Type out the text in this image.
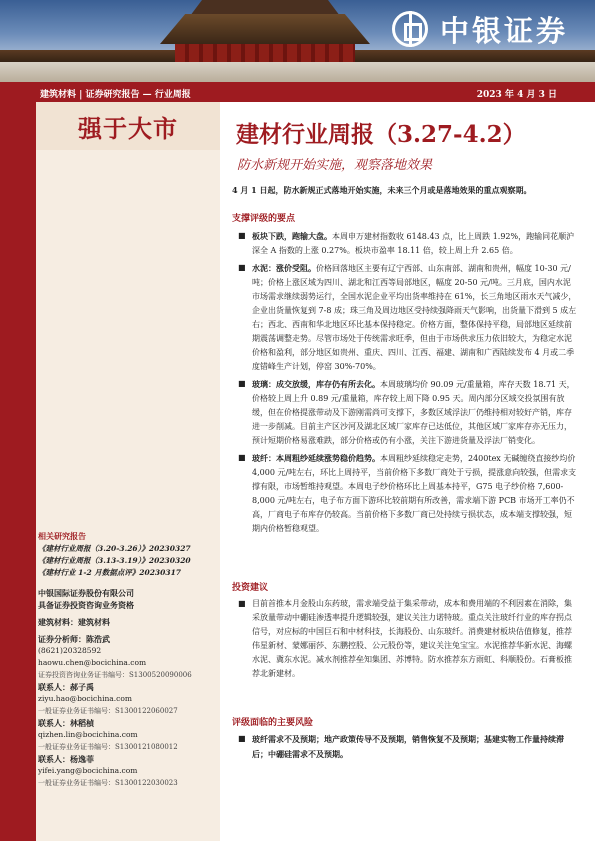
中银证券
建筑材料 | 证券研究报告 — 行业周报	2023 年 4 月 3 日
强于大市	建材行业周报（3.27-4.2）
防水新规开始实施，观察落地效果
4 月 1 日起，防水新规正式落地开始实施，未来三个月或是落地效果的重点观察期。
支撑评级的要点

■ 板块下跌，跑输大盘。本周申万建材指数收 6148.43 点，比上周跌 1.92%，跑输同花顺沪深全 A 指数的上涨 0.27%。板块市盈率 18.11 倍，较上周上升 2.65 倍。

■ 水泥：涨价受阻。价格回落地区主要有辽宁西部、山东南部、湖南和贵州，幅度 10-30 元/吨；价格上涨区域为四川、湖北和江西等局部地区，幅度 20-50 元/吨。三月底，国内水泥市场需求继续弱势运行，全国水泥企业平均出货率维持在 61%，长三角地区雨水天气减少，企业出货量恢复到 7-8 成；珠三角及周边地区受持续强降雨天气影响，出货量下滑到 5 成左右；西北、西南和华北地区环比基本保持稳定。价格方面，整体保持平稳，局部地区延续前期震荡调整走势。尽管市场处于传统需求旺季，但由于市场供求压力依旧较大，为稳定水泥价格和盈利，部分地区如贵州、重庆、四川、江西、福建、湖南和广西陆续发布 4 月或二季度错峰生产计划，停窑 30%-70%。

■ 玻璃：成交放缓，库存仍有所去化。本周玻璃均价 90.09 元/重量箱，库存天数 18.71 天，价格较上周上升 0.89 元/重量箱，库存较上周下降 0.95 天。周内部分区域交投氛围有放缓，但在价格提涨带动及下游刚需尚可支撑下，多数区域浮法厂仍维持相对较好产销，库存进一步削减。目前主产区沙河及湖北区域厂家库存已达低位，其他区域厂家库存亦无压力，预计短期价格易涨难跌，部分价格或仍有小涨，关注下游进货量及浮法厂销变化。

■ 玻纤：本周粗纱延续涨势稳价趋势。本周粗纱延续稳定走势，2400tex 无碱缠绕直接纱均价 4,000 元/吨左右，环比上周持平，当前价格下多数厂商处于亏损，提涨意向较强，但需求支撑有限，市场暂维持观望。本周电子纱价格环比上周基本持平，G75 电子纱价格 7,600-8,000 元/吨左右，电子布方面下游环比较前期有所改善，需求端下游 PCB 市场开工率仍不高，厂商电子布库存仍较高。当前价格下多数厂商已处持续亏损状态，成本端支撑较强，短期内价格暂稳观望。

投资建议

■ 目前首推本月金股山东药玻，需求端受益于集采带动，成本和费用端的不利因素在消除，集采放量带动中硼硅渗透率提升逻辑较强，建议关注力诺特玻。重点关注玻纤行业的库存拐点信号，对应标的中国巨石和中材科技，长海股份、山东玻纤。消费建材板块估值修复，推荐伟星新材、蒙娜丽莎、东鹏控股、公元股份等，建议关注兔宝宝。水泥推荐华新水泥、海螺水泥、冀东水泥。减水剂推荐垒知集团、苏博特。防水推荐东方雨虹、科顺股份。石膏板推荐北新建材。

评级面临的主要风险

■ 玻纤需求不及预期；地产政策传导不及预期，销售恢复不及预期；基建实物工作量持续滞后；中硼硅需求不及预期。

相关研究报告
《建材行业周报（3.20-3.26）》20230327
《建材行业周报（3.13-3.19）》20230320
《建材行业 1-2 月数据点评》20230317
中银国际证券股份有限公司
具备证券投资咨询业务资格
建筑材料：建筑材料
证券分析师：陈浩武
(8621)20328592
haowu.chen@bocichina.com
证券投资咨询业务证书编号：S1300520090006
联系人：郝子禹
ziyu.hao@bocichina.com
一般证券业务证书编号：S1300122060027
联系人：林稻楨
qizhen.lin@bocichina.com
一般证券业务证书编号：S1300121080012
联系人：杨逸菲
yifei.yang@bocichina.com
一般证券业务证书编号：S1300122030023
